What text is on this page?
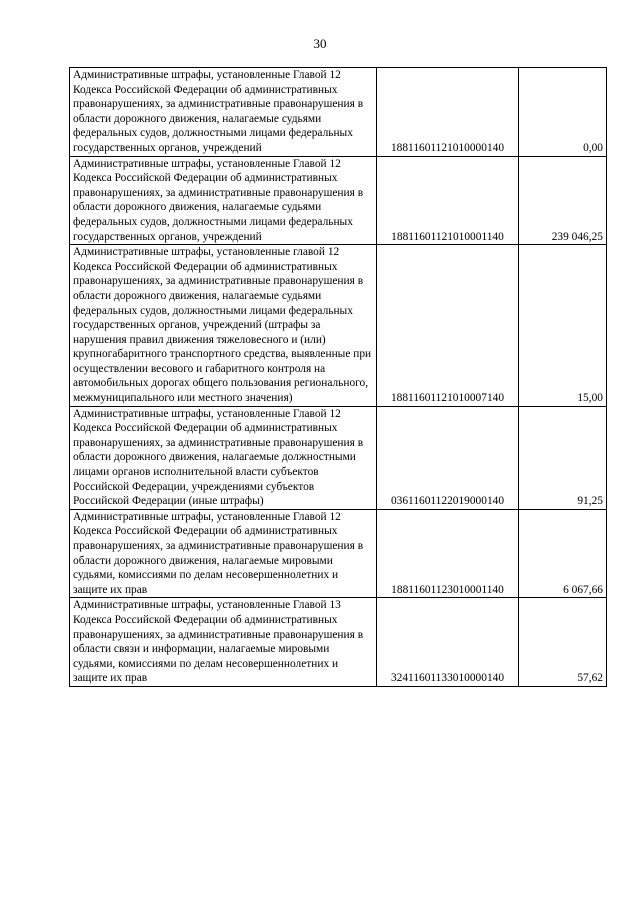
30
Административные штрафы, установленные Главой 12 Кодекса Российской Федерации об административных правонарушениях, за административные правонарушения в области дорожного движения, налагаемые судьями федеральных судов, должностными лицами федеральных государственных органов, учреждений	18811601121010000140	0,00
Административные штрафы, установленные Главой 12 Кодекса Российской Федерации об административных правонарушениях, за административные правонарушения в области дорожного движения, налагаемые судьями федеральных судов, должностными лицами федеральных государственных органов, учреждений	18811601121010001140	239 046,25
Административные штрафы, установленные главой 12 Кодекса Российской Федерации об административных правонарушениях, за административные правонарушения в области дорожного движения, налагаемые судьями федеральных судов, должностными лицами федеральных государственных органов, учреждений (штрафы за нарушения правил движения тяжеловесного и (или) крупногабаритного транспортного средства, выявленные при осуществлении весового и габаритного контроля на автомобильных дорогах общего пользования регионального, межмуниципального или местного значения)	18811601121010007140	15,00
Административные штрафы, установленные Главой 12 Кодекса Российской Федерации об административных правонарушениях, за административные правонарушения в области дорожного движения, налагаемые должностными лицами органов исполнительной власти субъектов Российской Федерации, учреждениями субъектов Российской Федерации (иные штрафы)	03611601122019000140	91,25
Административные штрафы, установленные Главой 12 Кодекса Российской Федерации об административных правонарушениях, за административные правонарушения в области дорожного движения, налагаемые мировыми судьями, комиссиями по делам несовершеннолетних и защите их прав	18811601123010001140	6 067,66
Административные штрафы, установленные Главой 13 Кодекса Российской Федерации об административных правонарушениях, за административные правонарушения в области связи и информации, налагаемые мировыми судьями, комиссиями по делам несовершеннолетних и защите их прав	32411601133010000140	57,62
